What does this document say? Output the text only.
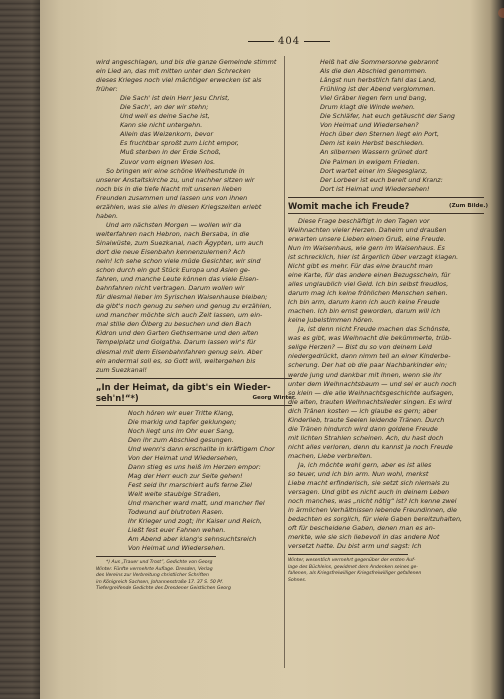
404
wird angeschlagen, und bis die ganze Gemeinde stimmt
ein Lied an, das mit mitten unter den Schrecken
dieses Krieges noch viel mächtiger erwecken ist als
früher:
Die Sach' ist dein Herr Jesu Christ,
Die Sach', an der wir stehn;
Und weil es deine Sache ist,
Kann sie nicht untergehn.
Allein das Weizenkorn, bevor
Es fruchtbar sproßt zum Licht empor,
Muß sterben in der Erde Schoß,
Zuvor vom eignen Wesen los.
So bringen wir eine schöne Weihestunde in
unserer Anstaltskirche zu, und nachher sitzen wir
noch bis in die tiefe Nacht mit unseren lieben
Freunden zusammen und lassen uns von ihnen
erzählen, was sie alles in diesen Kriegszeiten erlebt
haben.
Und am nächsten Morgen — wollen wir da
weiterfahren nach Hebron, nach Bersaba, in die
Sinaiwüste, zum Suezkanal, nach Ägypten, um auch
dort die neue Eisenbahn kennenzulernen? Ach
nein! Ich sehe schon viele müde Gesichter, wir sind
schon durch ein gut Stück Europa und Asien ge-
fahren, und manche Leute können das viele Eisen-
bahnfahren nicht vertragen. Darum wollen wir
für diesmal lieber im Syrischen Waisenhause bleiben;
da gibt's noch genug zu sehen und genug zu erzählen,
und mancher möchte sich auch Zeit lassen, um ein-
mal stille den Ölberg zu besuchen und den Bach
Kidron und den Garten Gethsemane und den alten
Tempelplatz und Golgatha. Darum lassen wir's für
diesmal mit dem Eisenbahnfahren genug sein. Aber
ein andermal soll es, so Gott will, weitergehen bis
zum Suezkanal!
„In der Heimat, da gibt's ein Wieder-
seh'n!“*)	Georg Winter.
Noch hören wir euer Tritte Klang,
Die markig und tapfer geklungen;
Noch liegt uns im Ohr euer Sang,
Den ihr zum Abschied gesungen.
Und wenn's dann erschallte in kräftigem Chor
Von der Heimat und Wiedersehen,
Dann stieg es uns heiß im Herzen empor:
Mag der Herr euch zur Seite gehen!
Fest seid ihr marschiert aufs ferne Ziel
Weit weite staubige Straßen,
Und mancher ward matt, und mancher fiel
Todwund auf blutroten Rasen.
Ihr Krieger und zogt; ihr Kaiser und Reich,
Ließt fest euer Fahnen wehen.
Am Abend aber klang's sehnsuchtsreich
Von Heimat und Wiedersehen.
*) Aus „Trauer und Trost“, Gedichte von Georg
Winter. Fünfte vermehrte Auflage. Dresden, Verlag
des Vereins zur Verbreitung christlicher Schriften
im Königreich Sachsen, Johannesstraße 17. 37 S. 50 Pf.
Tiefergreifende Gedichte des Dresdener Geistlichen Georg
Heiß hat die Sommersonne gebrannt
Als die den Abschied genommen.
Längst nun herbstlich fahl das Land,
Frühling ist der Abend verglommen.
Viel Gräber liegen fern und bang,
Drum klagt die Winde wehen.
Die Schläfer, hat euch getäuscht der Sang
Von Heimat und Wiedersehen?
Hoch über den Sternen liegt ein Port,
Dem ist kein Herbst beschieden.
An silbernen Wassern grünet dort
Die Palmen in ewigem Frieden.
Dort wartet einer im Siegesglanz,
Der Lorbeer ist euch bereit und Kranz:
Dort ist Heimat und Wiedersehen!
Womit mache ich Freude?	(Zum Bilde.)
Diese Frage beschäftigt in den Tagen vor
Weihnachten vieler Herzen. Daheim und draußen
erwarten unsere Lieben einen Gruß, eine Freude.
Nun im Waisenhaus, wie gern im Waisenhaus. Es
ist schrecklich, hier ist ärgerlich über verzagt klagen.
Nicht gibt es mehr. Für das eine braucht man
eine Karte, für das andere einen Bezugsschein, für
alles unglaublich viel Geld. Ich bin selbst freudlos,
darum mag ich keine fröhlichen Menschen sehen.
Ich bin arm, darum kann ich auch keine Freude
machen. Ich bin ernst geworden, darum will ich
keine Jubelstimmen hören.
Ja, ist denn nicht Freude machen das Schönste,
was es gibt, was Weihnacht die bekümmerte, trüb-
selige Herzen? — Bist du so von deinem Leid
niedergedrückt, dann nimm teil an einer Kinderbe-
scherung. Der hat ob die paar Nachbarkinder ein;
werde jung und dankbar mit ihnen, wenn sie ihr
unter dem Weihnachtsbaum — und sei er auch noch
so klein — die alle Weihnachtsgeschichte aufsagen,
die alten, trauten Weihnachtslieder singen. Es wird
dich Tränen kosten — ich glaube es gern; aber
Kinderlieb, traute Seelen leidende Tränen. Durch
die Tränen hindurch wird dann goldene Freude
mit lichten Strahlen scheinen. Ach, du hast doch
nicht alles verloren, denn du kannst ja noch Freude
machen, Liebe verbreiten.
Ja, ich möchte wohl gern, aber es ist alles
so teuer, und ich bin arm. Nun wohl, merkst
Liebe macht erfinderisch, sie setzt sich niemals zu
versagen. Und gibt es nicht auch in deinem Leben
noch manches, was „nicht nötig“ ist? Ich kenne zwei
in ärmlichen Verhältnissen lebende Freundinnen, die
bedachten es sorglich, für viele Gaben bereitzuhalten,
oft für bescheidene Gaben, denen man es an-
merkte, wie sie sich liebevoll in das andere Not
versetzt hatte. Du bist arm und sagst: Ich
Winter, wesentlich vermehrt gegenüber der ersten Auf-
lage des Büchleins, gewidmet dem Andenken seines ge-
fallenen, als Kriegsfreiwilliger Kriegsfreiwilliger gefallenen
Sohnes.
